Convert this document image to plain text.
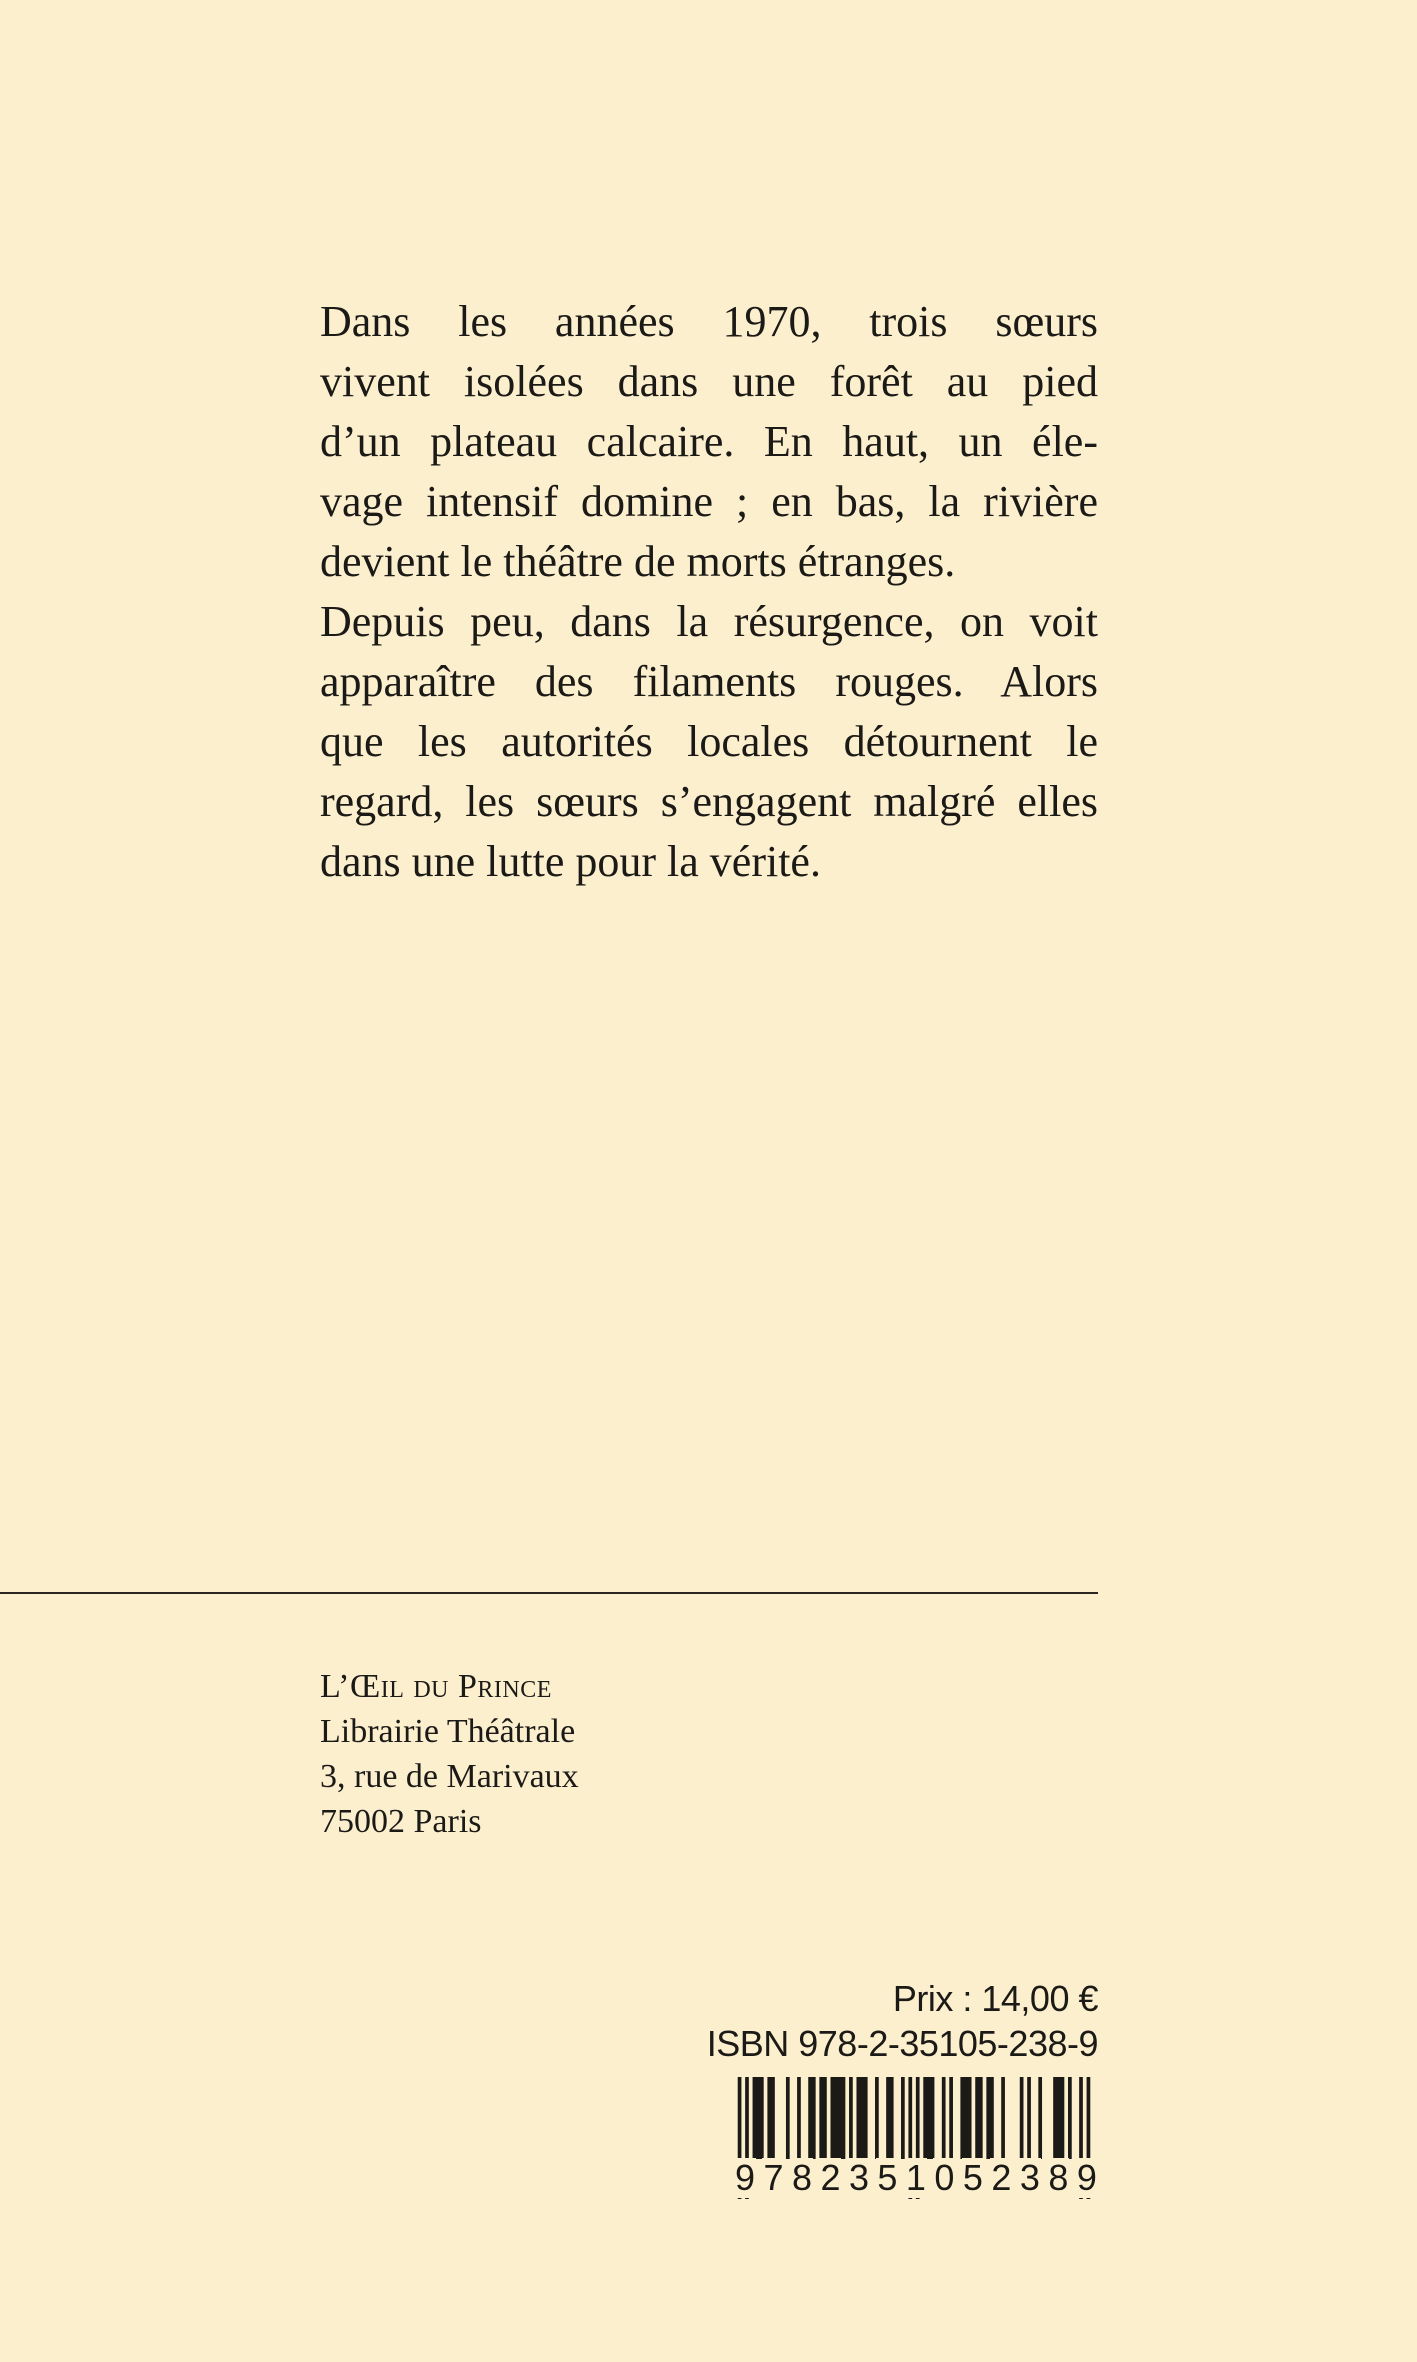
Dans les années 1970, trois sœurs
vivent isolées dans une forêt au pied
d’un plateau calcaire. En haut, un éle-
vage intensif domine ; en bas, la rivière
devient le théâtre de morts étranges.
Depuis peu, dans la résurgence, on voit
apparaître des filaments rouges. Alors
que les autorités locales détournent le
regard, les sœurs s’engagent malgré elles
dans une lutte pour la vérité.
L’Œil du Prince
Librairie Théâtrale
3, rue de Marivaux
75002 Paris
Prix : 14,00 €
ISBN 978-2-35105-238-9
9 7 8 2 3 5 1 0 5 2 3 8 9
